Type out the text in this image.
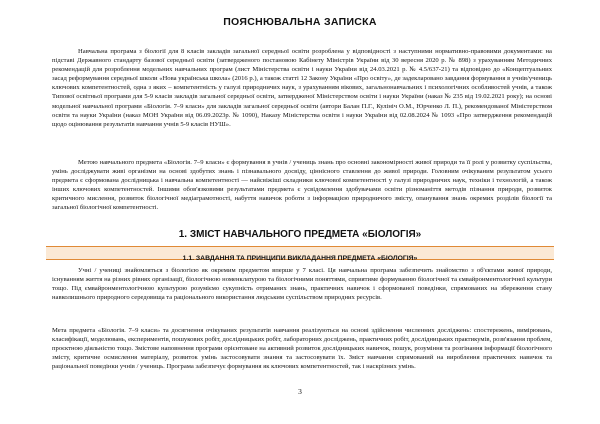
ПОЯСНЮВАЛЬНА ЗАПИСКА

Навчальна програма з біології для 8 класів закладів загальної середньої освіти розроблена у відповідності з наступними нормативно-правовими документами: на підставі Державного стандарту базової середньої освіти (затвердженого постановою Кабінету Міністрів України від 30 вересня 2020 р. № 898) з урахуванням Методичних рекомендацій для розроблення модельних навчальних програм (лист Міністерства освіти і науки України від 24.03.2021 р. № 4.5/637-21) та відповідно до «Концептуальних засад реформування середньої школи «Нова українська школа» (2016 р.), а також статті 12 Закону України «Про освіту», де задекларовано завдання формування в учнів/учениць ключових компетентностей, одна з яких – компетентність у галузі природничих наук, з урахуванням вікових, загальнонавчальних і психологічних особливостей учнів, а також Типової освітньої програми для 5-9 класів закладів загальної середньої освіти, затвердженої Міністерством освіти і науки України (наказ № 235 від 19.02.2021 року); на основі модельної навчальної програми «Біологія. 7–9 класи» для закладів загальної середньої освіти (автори Балан П.Г., Кулініч О.М., Юрченко Л. П.), рекомендованої Міністерством освіти та науки України (наказ МОН України від 06.09.2023р. № 1090), Наказу Міністерства освіти і науки України від 02.08.2024 № 1093 «Про затвердження рекомендацій щодо оцінювання результатів навчання учнів 5-9 класів НУШ».

Метою навчального предмета «Біологія. 7–9 класи» є формування в учнів / учениць знань про основні закономірності живої природи та її ролі у розвитку суспільства, умінь досліджувати живі організми на основі здобутих знань і пізнавального досвіду, ціннісного ставлення до живої природи. Головним очікуваним результатом усього предмета є сформована дослідницька і навчальна компетентності — найсвіжіші складники ключової компетентності у галузі природничих наук, техніки і технологій, а також інших ключових компетентностей. Іншими обов'язковими результатами предмета є усвідомлення здобувачами освіти різноманіття методів пізнання природи, розвиток критичного мислення, розвиток біологічної медіаграмотності, набуття навичок роботи з інформацією природничого змісту, опанування знань окремих розділів біології та загальної біологічної компетентності.

1. ЗМІСТ НАВЧАЛЬНОГО ПРЕДМЕТА «БІОЛОГІЯ»
1.1. ЗАВДАННЯ ТА ПРИНЦИПИ ВИКЛАДАННЯ ПРЕДМЕТА «БІОЛОГІЯ»

Учні / учениці знайомляться з біологією як окремим предметом вперше у 7 класі. Ця навчальна програма забезпечить знайомство з об'єктами живої природи, існуванням життя на різних рівнях організації, біологічною номенклатурою та біологічними поняттями, сприятиме формуванню біологічної та ємвайронментологічної культури тощо. Під ємвайронментологічною культурою розуміємо сукупність отриманих знань, практичних навичок і сформованої поведінки, спрямованих на збереження стану навколишнього природного середовища та раціонального використання людським суспільством природних ресурсів.

Мета предмета «Біологія. 7–9 класи» та досягнення очікуваних результатів навчання реалізуються на основі здійснення численних досліджень: спостережень, вимірювань, класифікації, моделювань, експериментів, пошукових робіт, дослідницьких робіт, лабораторних досліджень, практичних робіт, дослідницьких практикумів, розв'язання проблем, проєктною діяльністю тощо. Змістове наповнення програми орієнтоване на активний розвиток дослідницьких навичок, пошук, розуміння та розгінання інформації біологічного змісту, критичне осмислення матеріалу, розвиток умінь застосовувати знання та застосовувати їх. Зміст навчання спрямований на вироблення практичних навичок та раціональної поведінки учнів / учениць. Програма забезпечує формування як ключових компетентностей, так і наскрізних умінь.

3
